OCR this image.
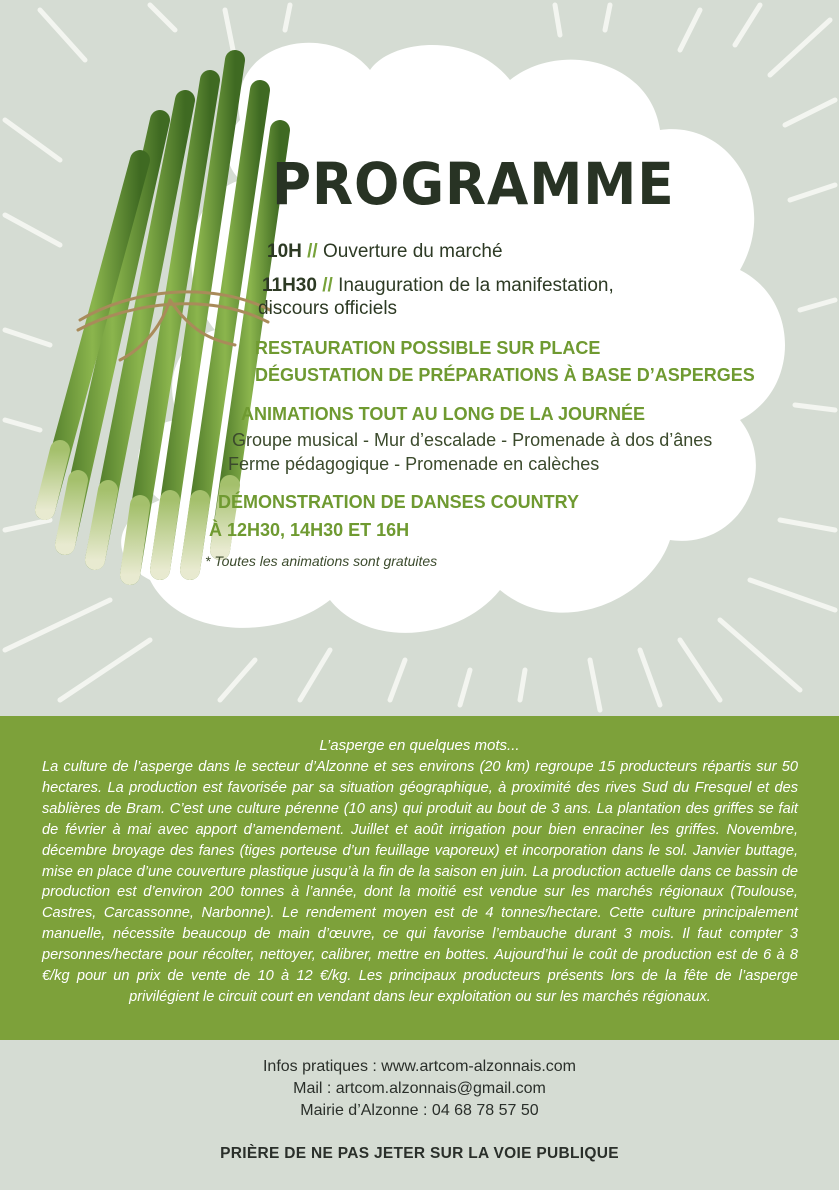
PROGRAMME
10H // Ouverture du marché
11H30 // Inauguration de la manifestation,
discours officiels
RESTAURATION POSSIBLE SUR PLACE
DÉGUSTATION DE PRÉPARATIONS À BASE D’ASPERGES
ANIMATIONS TOUT AU LONG DE LA JOURNÉE
Groupe musical - Mur d’escalade - Promenade à dos d’ânes
Ferme pédagogique - Promenade en calèches
DÉMONSTRATION DE DANSES COUNTRY
À 12H30, 14H30 ET 16H
* Toutes les animations sont gratuites
L’asperge en quelques mots...

La culture de l’asperge dans le secteur d’Alzonne et ses environs (20 km) regroupe 15 producteurs répartis sur 50 hectares. La production est favorisée par sa situation géographique, à proximité des rives Sud du Fresquel et des sablières de Bram. C’est une culture pérenne (10 ans) qui produit au bout de 3 ans. La plantation des griffes se fait de février à mai avec apport d’amendement. Juillet et août irrigation pour bien enraciner les griffes. Novembre, décembre broyage des fanes (tiges porteuse d’un feuillage vaporeux) et incorporation dans le sol. Janvier buttage, mise en place d’une couverture plastique jusqu’à la fin de la saison en juin. La production actuelle dans ce bassin de production est d’environ 200 tonnes à l’année, dont la moitié est vendue sur les marchés régionaux (Toulouse, Castres, Carcassonne, Narbonne). Le rendement moyen est de 4 tonnes/hectare. Cette culture principalement manuelle, nécessite beaucoup de main d’œuvre, ce qui favorise l’embauche durant 3 mois. Il faut compter 3 personnes/hectare pour récolter, nettoyer, calibrer, mettre en bottes. Aujourd’hui le coût de production est de 6 à 8 €/kg pour un prix de vente de 10 à 12 €/kg. Les principaux producteurs présents lors de la fête de l’asperge privilégient le circuit court en vendant dans leur exploitation ou sur les marchés régionaux.

Infos pratiques : www.artcom-alzonnais.com
Mail : artcom.alzonnais@gmail.com
Mairie d’Alzonne : 04 68 78 57 50
PRIÈRE DE NE PAS JETER SUR LA VOIE PUBLIQUE
